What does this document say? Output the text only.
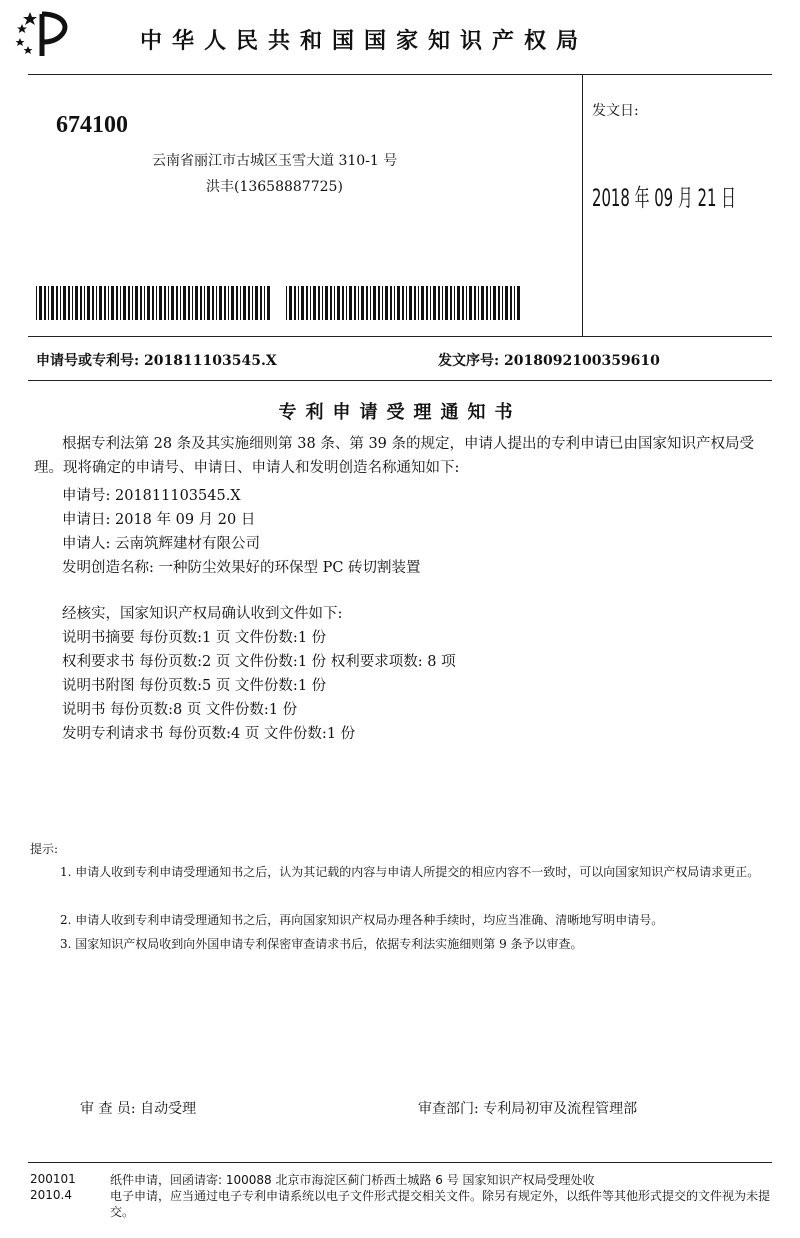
中华人民共和国国家知识产权局
674100
云南省丽江市古城区玉雪大道 310-1 号
洪丰(13658887725)
发文日:
2018 年 09 月 21 日
申请号或专利号: 201811103545.X	发文序号: 2018092100359610
专利申请受理通知书
根据专利法第 28 条及其实施细则第 38 条、第 39 条的规定，申请人提出的专利申请已由国家知识产权局受理。现将确定的申请号、申请日、申请人和发明创造名称通知如下:
申请号: 201811103545.X
申请日: 2018 年 09 月 20 日
申请人: 云南筑辉建材有限公司
发明创造名称: 一种防尘效果好的环保型 PC 砖切割装置
经核实，国家知识产权局确认收到文件如下:
说明书摘要 每份页数:1 页 文件份数:1 份
权利要求书 每份页数:2 页 文件份数:1 份 权利要求项数: 8 项
说明书附图 每份页数:5 页 文件份数:1 份
说明书 每份页数:8 页 文件份数:1 份
发明专利请求书 每份页数:4 页 文件份数:1 份
提示:
1. 申请人收到专利申请受理通知书之后，认为其记载的内容与申请人所提交的相应内容不一致时，可以向国家知识产权局请求更正。
2. 申请人收到专利申请受理通知书之后，再向国家知识产权局办理各种手续时，均应当准确、清晰地写明申请号。
3. 国家知识产权局收到向外国申请专利保密审查请求书后，依据专利法实施细则第 9 条予以审查。
审 查 员: 自动受理	审查部门: 专利局初审及流程管理部
200101
2010.4
纸件申请，回函请寄: 100088 北京市海淀区蓟门桥西土城路 6 号 国家知识产权局受理处收
电子申请，应当通过电子专利申请系统以电子文件形式提交相关文件。除另有规定外，以纸件等其他形式提交的文件视为未提交。
